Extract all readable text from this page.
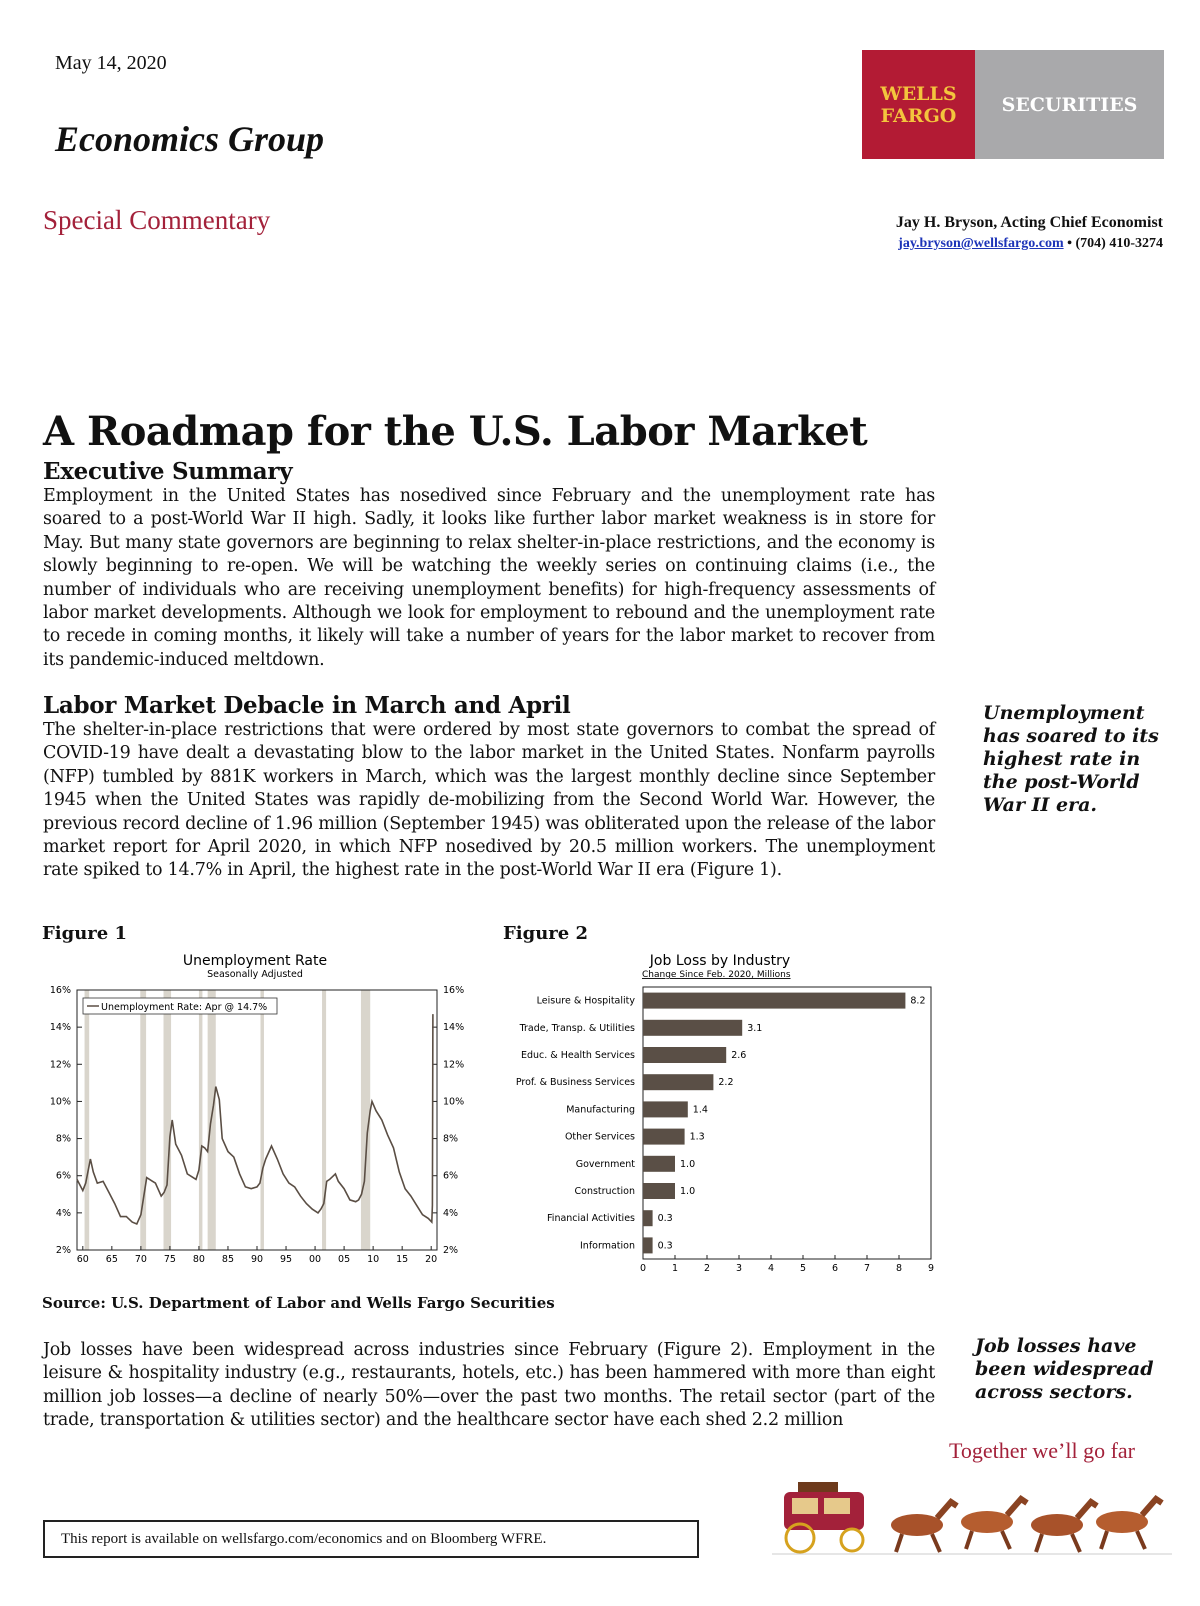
May 14, 2020
Economics Group
WELLS
FARGO	SECURITIES
Special Commentary	Jay H. Bryson, Acting Chief Economist
jay.bryson@wellsfargo.com • (704) 410-3274
A Roadmap for the U.S. Labor Market
Executive Summary
Employment in the United States has nosedived since February and the unemployment rate has soared to a post-World War II high. Sadly, it looks like further labor market weakness is in store for May. But many state governors are beginning to relax shelter-in-place restrictions, and the economy is slowly beginning to re-open. We will be watching the weekly series on continuing claims (i.e., the number of individuals who are receiving unemployment benefits) for high-frequency assessments of labor market developments. Although we look for employment to rebound and the unemployment rate to recede in coming months, it likely will take a number of years for the labor market to recover from its pandemic-induced meltdown.
Labor Market Debacle in March and April
The shelter-in-place restrictions that were ordered by most state governors to combat the spread of COVID-19 have dealt a devastating blow to the labor market in the United States. Nonfarm payrolls (NFP) tumbled by 881K workers in March, which was the largest monthly decline since September 1945 when the United States was rapidly de-mobilizing from the Second World War. However, the previous record decline of 1.96 million (September 1945) was obliterated upon the release of the labor market report for April 2020, in which NFP nosedived by 20.5 million workers. The unemployment rate spiked to 14.7% in April, the highest rate in the post-World War II era (Figure 1).
Unemployment has soared to its highest rate in the post-World War II era.
Figure 1	Figure 2
Unemployment Rate
Seasonally Adjusted
2%	2%
4%	4%
6%	6%
8%	8%
10%	10%
12%	12%
14%	14%
16%	16%
60 65 70 75 80 85 90 95 00 05 10 15 20
Unemployment Rate: Apr @ 14.7%
Job Loss by Industry
Change Since Feb. 2020, Millions
0	1	2	3	4	5	6	7	8	9
Leisure & Hospitality	8.2
Trade, Transp. & Utilities	3.1
Educ. & Health Services	2.6
Prof. & Business Services	2.2
Manufacturing	1.4
Other Services	1.3
Government	1.0
Construction	1.0
Financial Activities 0.3
Information 0.3
Source: U.S. Department of Labor and Wells Fargo Securities
Job losses have been widespread across industries since February (Figure 2). Employment in the leisure & hospitality industry (e.g., restaurants, hotels, etc.) has been hammered with more than eight million job losses—a decline of nearly 50%—over the past two months. The retail sector (part of the trade, transportation & utilities sector) and the healthcare sector have each shed 2.2 million
Job losses have been widespread across sectors.
Together we’ll go far
This report is available on wellsfargo.com/economics and on Bloomberg WFRE.
